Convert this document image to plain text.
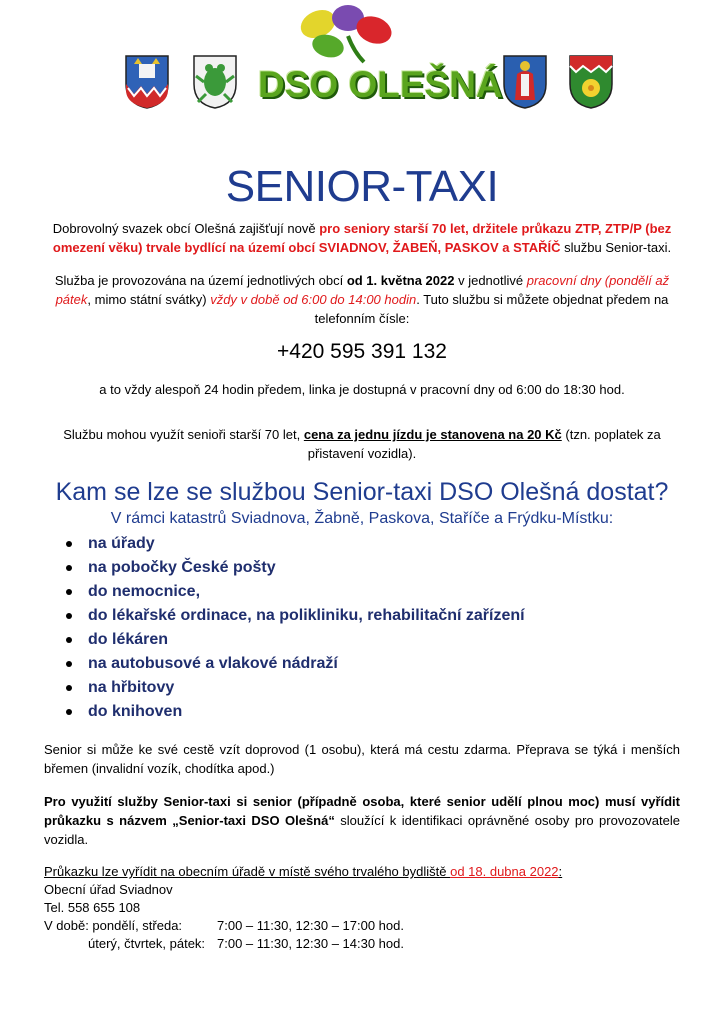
DSO OLEŠNÁ
SENIOR-TAXI
Dobrovolný svazek obcí Olešná zajišťují nově pro seniory starší 70 let, držitele průkazu ZTP, ZTP/P (bez
omezení věku) trvale bydlící na území obcí SVIADNOV, ŽABEŇ, PASKOV a STAŘÍČ službu Senior-taxi.
Služba je provozována na území jednotlivých obcí od 1. května 2022 v jednotlivé pracovní dny (pondělí až
pátek, mimo státní svátky) vždy v době od 6:00 do 14:00 hodin. Tuto službu si můžete objednat předem na
telefonním čísle:
+420 595 391 132
a to vždy alespoň 24 hodin předem, linka je dostupná v pracovní dny od 6:00 do 18:30 hod.
Službu mohou využít senioři starší 70 let, cena za jednu jízdu je stanovena na 20 Kč (tzn. poplatek za
přistavení vozidla).
Kam se lze se službou Senior-taxi DSO Olešná dostat?
V rámci katastrů Sviadnova, Žabně, Paskova, Staříče a Frýdku-Místku:
na úřady
na pobočky České pošty
do nemocnice,
do lékařské ordinace, na polikliniku, rehabilitační zařízení
do lékáren
na autobusové a vlakové nádraží
na hřbitovy
do knihoven
Senior si může ke své cestě vzít doprovod (1 osobu), která má cestu zdarma. Přeprava se týká i menších břemen (invalidní vozík, chodítka apod.)
Pro využití služby Senior-taxi si senior (případně osoba, které senior udělí plnou moc) musí vyřídit průkazku s názvem „Senior-taxi DSO Olešná“ sloužící k identifikaci oprávněné osoby pro provozovatele vozidla.
Průkazku lze vyřídit na obecním úřadě v místě svého trvalého bydliště od 18. dubna 2022:
Obecní úřad Sviadnov
Tel. 558 655 108
V době: pondělí, středa:	7:00 – 11:30, 12:30 – 17:00 hod.
úterý, čtvrtek, pátek: 7:00 – 11:30, 12:30 – 14:30 hod.
